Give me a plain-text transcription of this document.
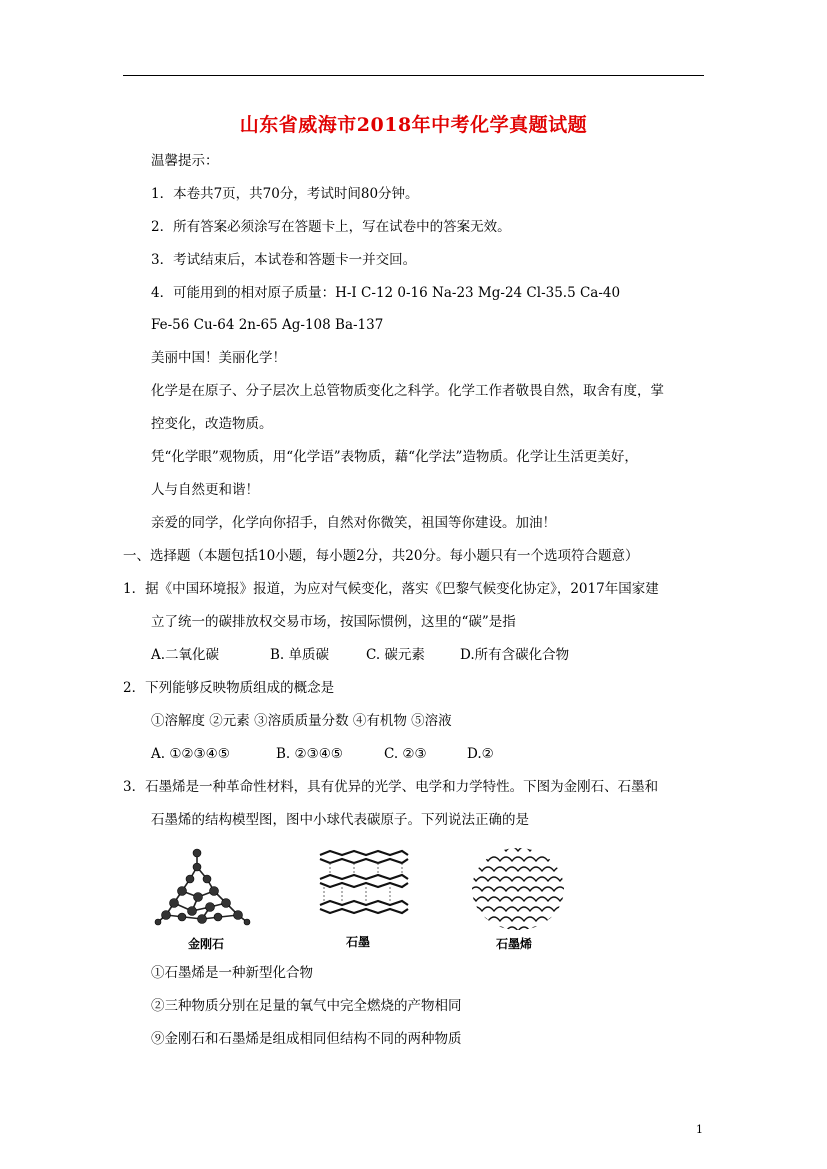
山东省威海市2018年中考化学真题试题
温馨提示：
1．本卷共7页，共70分，考试时间80分钟。
2．所有答案必须涂写在答题卡上，写在试卷中的答案无效。
3．考试结束后，本试卷和答题卡一并交回。
4．可能用到的相对原子质量：H-I C-12 0-16 Na-23 Mg-24 Cl-35.5 Ca-40
Fe-56 Cu-64 2n-65 Ag-108 Ba-137
美丽中国！美丽化学！
化学是在原子、分子层次上总管物质变化之科学。化学工作者敬畏自然，取舍有度，掌
控变化，改造物质。
凭“化学眼”观物质，用“化学语”表物质，藉“化学法”造物质。化学让生活更美好，
人与自然更和谐！
亲爱的同学，化学向你招手，自然对你微笑，祖国等你建设。加油！
一、选择题（本题包括10小题，每小题2分，共20分。每小题只有一个选项符合题意）
1．据《中国环境报》报道，为应对气候变化，落实《巴黎气候变化协定》，2017年国家建
立了统一的碳排放权交易市场，按国际惯例，这里的“碳”是指
A.二氧化碳	B. 单质碳	C. 碳元素	D.所有含碳化合物
2．下列能够反映物质组成的概念是
①溶解度 ②元素 ③溶质质量分数 ④有机物 ⑤溶液
A. ①②③④⑤	B. ②③④⑤	C. ②③	D.②
3．石墨烯是一种革命性材料，具有优异的光学、电学和力学特性。下图为金刚石、石墨和
石墨烯的结构模型图，图中小球代表碳原子。下列说法正确的是
金刚石	石墨	石墨烯
①石墨烯是一种新型化合物
②三种物质分别在足量的氧气中完全燃烧的产物相同
⑨金刚石和石墨烯是组成相同但结构不同的两种物质
1
